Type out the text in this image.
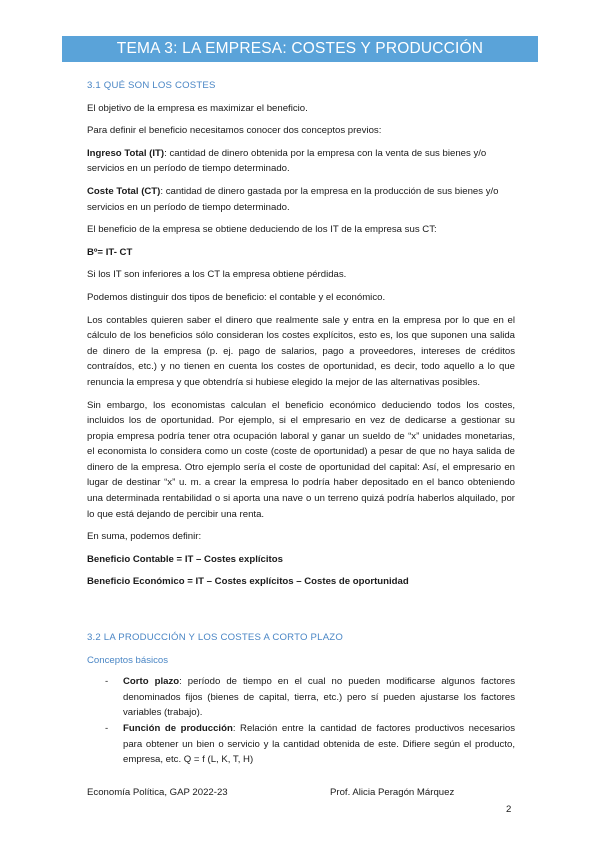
TEMA 3: LA EMPRESA: COSTES Y PRODUCCIÓN

3.1 QUÉ SON LOS COSTES

El objetivo de la empresa es maximizar el beneficio.

Para definir el beneficio necesitamos conocer dos conceptos previos:

Ingreso Total (IT): cantidad de dinero obtenida por la empresa con la venta de sus bienes y/o servicios en un período de tiempo determinado.

Coste Total (CT): cantidad de dinero gastada por la empresa en la producción de sus bienes y/o servicios en un período de tiempo determinado.

El beneficio de la empresa se obtiene deduciendo de los IT de la empresa sus CT:

Bº= IT- CT

Si los IT son inferiores a los CT la empresa obtiene pérdidas.

Podemos distinguir dos tipos de beneficio: el contable y el económico.

Los contables quieren saber el dinero que realmente sale y entra en la empresa por lo que en el cálculo de los beneficios sólo consideran los costes explícitos, esto es, los que suponen una salida de dinero de la empresa (p. ej. pago de salarios, pago a proveedores, intereses de créditos contraídos, etc.) y no tienen en cuenta los costes de oportunidad, es decir, todo aquello a lo que renuncia la empresa y que obtendría si hubiese elegido la mejor de las alternativas posibles.

Sin embargo, los economistas calculan el beneficio económico deduciendo todos los costes, incluidos los de oportunidad. Por ejemplo, si el empresario en vez de dedicarse a gestionar su propia empresa podría tener otra ocupación laboral y ganar un sueldo de “x” unidades monetarias, el economista lo considera como un coste (coste de oportunidad) a pesar de que no haya salida de dinero de la empresa. Otro ejemplo sería el coste de oportunidad del capital: Así, el empresario en lugar de destinar “x” u. m. a crear la empresa lo podría haber depositado en el banco obteniendo una determinada rentabilidad o si aporta una nave o un terreno quizá podría haberlos alquilado, por lo que está dejando de percibir una renta.

En suma, podemos definir:

Beneficio Contable = IT – Costes explícitos

Beneficio Económico = IT – Costes explícitos – Costes de oportunidad

3.2 LA PRODUCCIÓN Y LOS COSTES A CORTO PLAZO

Conceptos básicos

- Corto plazo: período de tiempo en el cual no pueden modificarse algunos factores denominados fijos (bienes de capital, tierra, etc.) pero sí pueden ajustarse los factores variables (trabajo).
- Función de producción: Relación entre la cantidad de factores productivos necesarios para obtener un bien o servicio y la cantidad obtenida de este. Difiere según el producto, empresa, etc. Q = f (L, K, T, H)
Economía Política, GAP 2022-23	Prof. Alicia Peragón Márquez
2
